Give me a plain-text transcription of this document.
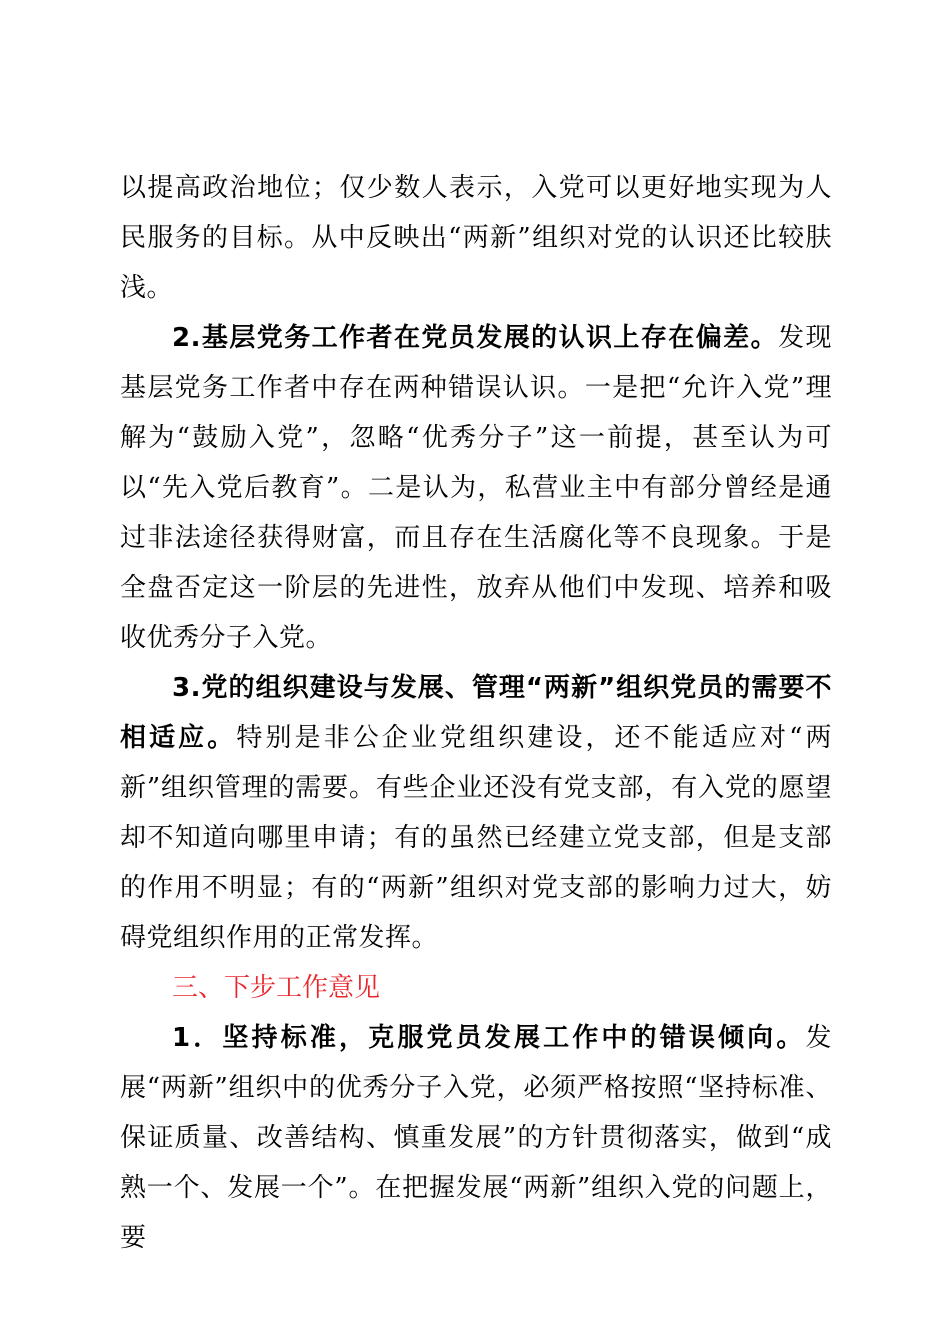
以提高政治地位；仅少数人表示，入党可以更好地实现为人民服务的目标。从中反映出“两新”组织对党的认识还比较肤浅。

2.基层党务工作者在党员发展的认识上存在偏差。发现基层党务工作者中存在两种错误认识。一是把“允许入党”理解为“鼓励入党”，忽略“优秀分子”这一前提，甚至认为可以“先入党后教育”。二是认为，私营业主中有部分曾经是通过非法途径获得财富，而且存在生活腐化等不良现象。于是全盘否定这一阶层的先进性，放弃从他们中发现、培养和吸收优秀分子入党。

3.党的组织建设与发展、管理“两新”组织党员的需要不相适应。特别是非公企业党组织建设，还不能适应对“两新”组织管理的需要。有些企业还没有党支部，有入党的愿望却不知道向哪里申请；有的虽然已经建立党支部，但是支部的作用不明显；有的“两新”组织对党支部的影响力过大，妨碍党组织作用的正常发挥。

三、下步工作意见

1．坚持标准，克服党员发展工作中的错误倾向。发展“两新”组织中的优秀分子入党，必须严格按照“坚持标准、保证质量、改善结构、慎重发展”的方针贯彻落实，做到“成熟一个、发展一个”。在把握发展“两新”组织入党的问题上，要
